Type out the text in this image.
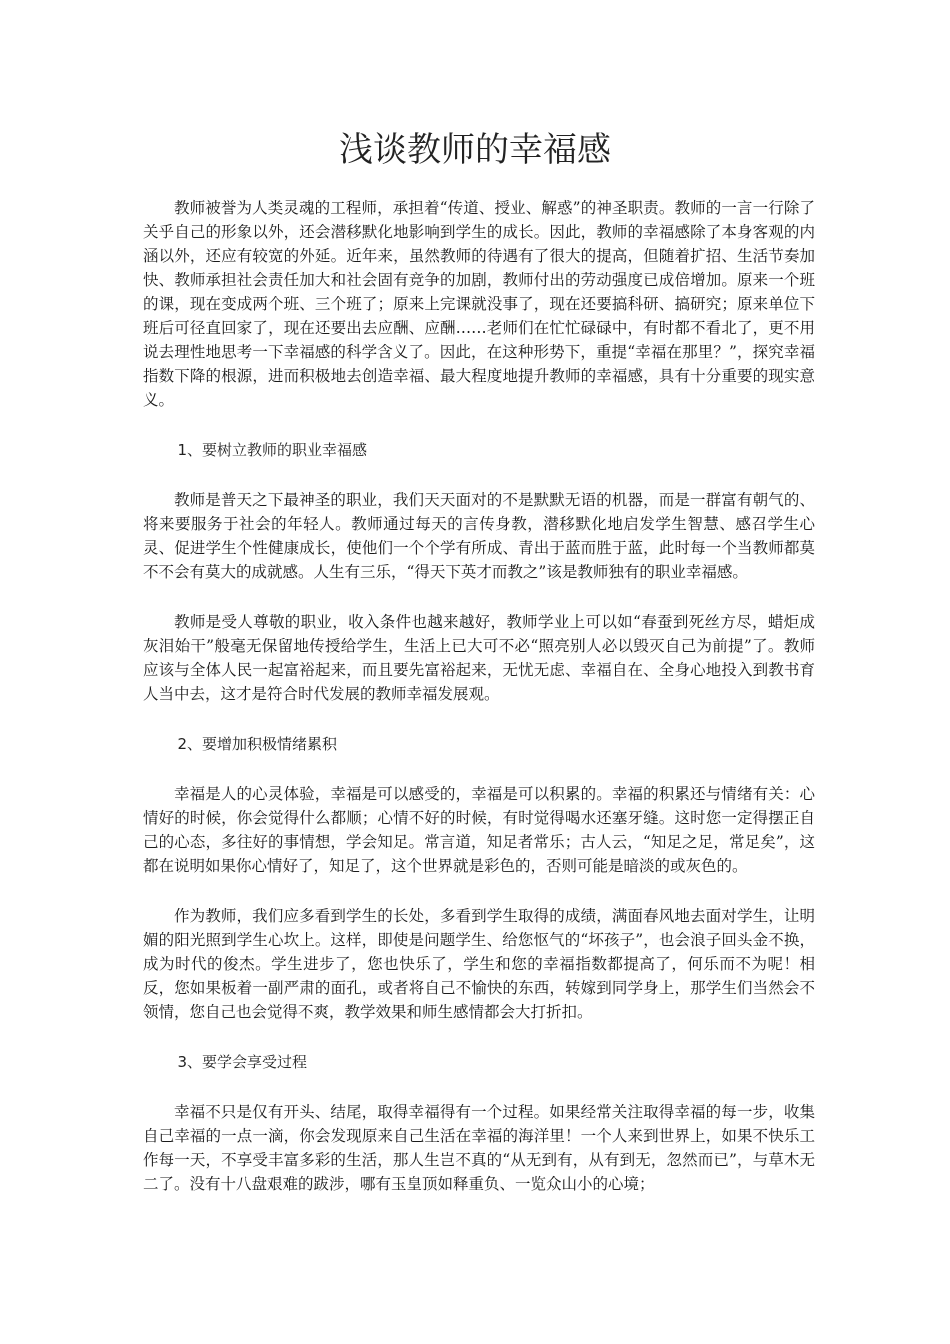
浅谈教师的幸福感

教师被誉为人类灵魂的工程师，承担着“传道、授业、解惑”的神圣职责。教师的一言一行除了关乎自己的形象以外，还会潜移默化地影响到学生的成长。因此，教师的幸福感除了本身客观的内涵以外，还应有较宽的外延。近年来，虽然教师的待遇有了很大的提高，但随着扩招、生活节奏加快、教师承担社会责任加大和社会固有竞争的加剧，教师付出的劳动强度已成倍增加。原来一个班的课，现在变成两个班、三个班了；原来上完课就没事了，现在还要搞科研、搞研究；原来单位下班后可径直回家了，现在还要出去应酬、应酬……老师们在忙忙碌碌中，有时都不看北了，更不用说去理性地思考一下幸福感的科学含义了。因此，在这种形势下，重提“幸福在那里？”，探究幸福指数下降的根源，进而积极地去创造幸福、最大程度地提升教师的幸福感，具有十分重要的现实意义。

1、要树立教师的职业幸福感

教师是普天之下最神圣的职业，我们天天面对的不是默默无语的机器，而是一群富有朝气的、将来要服务于社会的年轻人。教师通过每天的言传身教，潜移默化地启发学生智慧、感召学生心灵、促进学生个性健康成长，使他们一个个学有所成、青出于蓝而胜于蓝，此时每一个当教师都莫不不会有莫大的成就感。人生有三乐，“得天下英才而教之”该是教师独有的职业幸福感。

教师是受人尊敬的职业，收入条件也越来越好，教师学业上可以如“春蚕到死丝方尽，蜡炬成灰泪始干”般毫无保留地传授给学生，生活上已大可不必“照亮别人必以毁灭自己为前提”了。教师应该与全体人民一起富裕起来，而且要先富裕起来，无忧无虑、幸福自在、全身心地投入到教书育人当中去，这才是符合时代发展的教师幸福发展观。

2、要增加积极情绪累积

幸福是人的心灵体验，幸福是可以感受的，幸福是可以积累的。幸福的积累还与情绪有关：心情好的时候，你会觉得什么都顺；心情不好的时候，有时觉得喝水还塞牙缝。这时您一定得摆正自己的心态，多往好的事情想，学会知足。常言道，知足者常乐；古人云，“知足之足，常足矣”，这都在说明如果你心情好了，知足了，这个世界就是彩色的，否则可能是暗淡的或灰色的。

作为教师，我们应多看到学生的长处，多看到学生取得的成绩，满面春风地去面对学生，让明媚的阳光照到学生心坎上。这样，即使是问题学生、给您怄气的“坏孩子”，也会浪子回头金不换，成为时代的俊杰。学生进步了，您也快乐了，学生和您的幸福指数都提高了，何乐而不为呢！相反，您如果板着一副严肃的面孔，或者将自己不愉快的东西，转嫁到同学身上，那学生们当然会不领情，您自己也会觉得不爽，教学效果和师生感情都会大打折扣。

3、要学会享受过程

幸福不只是仅有开头、结尾，取得幸福得有一个过程。如果经常关注取得幸福的每一步，收集自己幸福的一点一滴，你会发现原来自己生活在幸福的海洋里！一个人来到世界上，如果不快乐工作每一天，不享受丰富多彩的生活，那人生岂不真的“从无到有，从有到无，忽然而已”，与草木无二了。没有十八盘艰难的跋涉，哪有玉皇顶如释重负、一览众山小的心境；
